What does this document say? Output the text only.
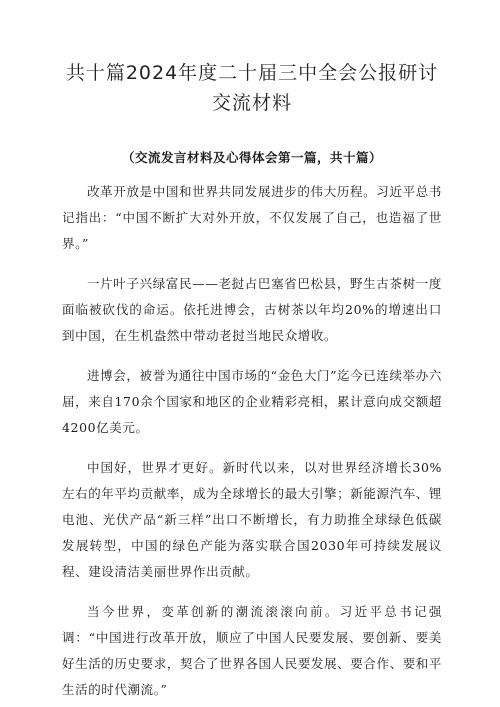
共十篇2024年度二十届三中全会公报研讨
交流材料

（交流发言材料及心得体会第一篇，共十篇）

改革开放是中国和世界共同发展进步的伟大历程。习近平总书记指出：“中国不断扩大对外开放，不仅发展了自己，也造福了世界。”

一片叶子兴绿富民——老挝占巴塞省巴松县，野生古茶树一度面临被砍伐的命运。依托进博会，古树茶以年均20%的增速出口到中国，在生机盎然中带动老挝当地民众增收。

进博会，被誉为通往中国市场的“金色大门”迄今已连续举办六届，来自170余个国家和地区的企业精彩亮相，累计意向成交额超4200亿美元。

中国好，世界才更好。新时代以来，以对世界经济增长30%左右的年平均贡献率，成为全球增长的最大引擎；新能源汽车、锂电池、光伏产品“新三样”出口不断增长，有力助推全球绿色低碳发展转型，中国的绿色产能为落实联合国2030年可持续发展议程、建设清洁美丽世界作出贡献。

当今世界，变革创新的潮流滚滚向前。习近平总书记强调：“中国进行改革开放，顺应了中国人民要发展、要创新、要美好生活的历史要求，契合了世界各国人民要发展、要合作、要和平生活的时代潮流。”
